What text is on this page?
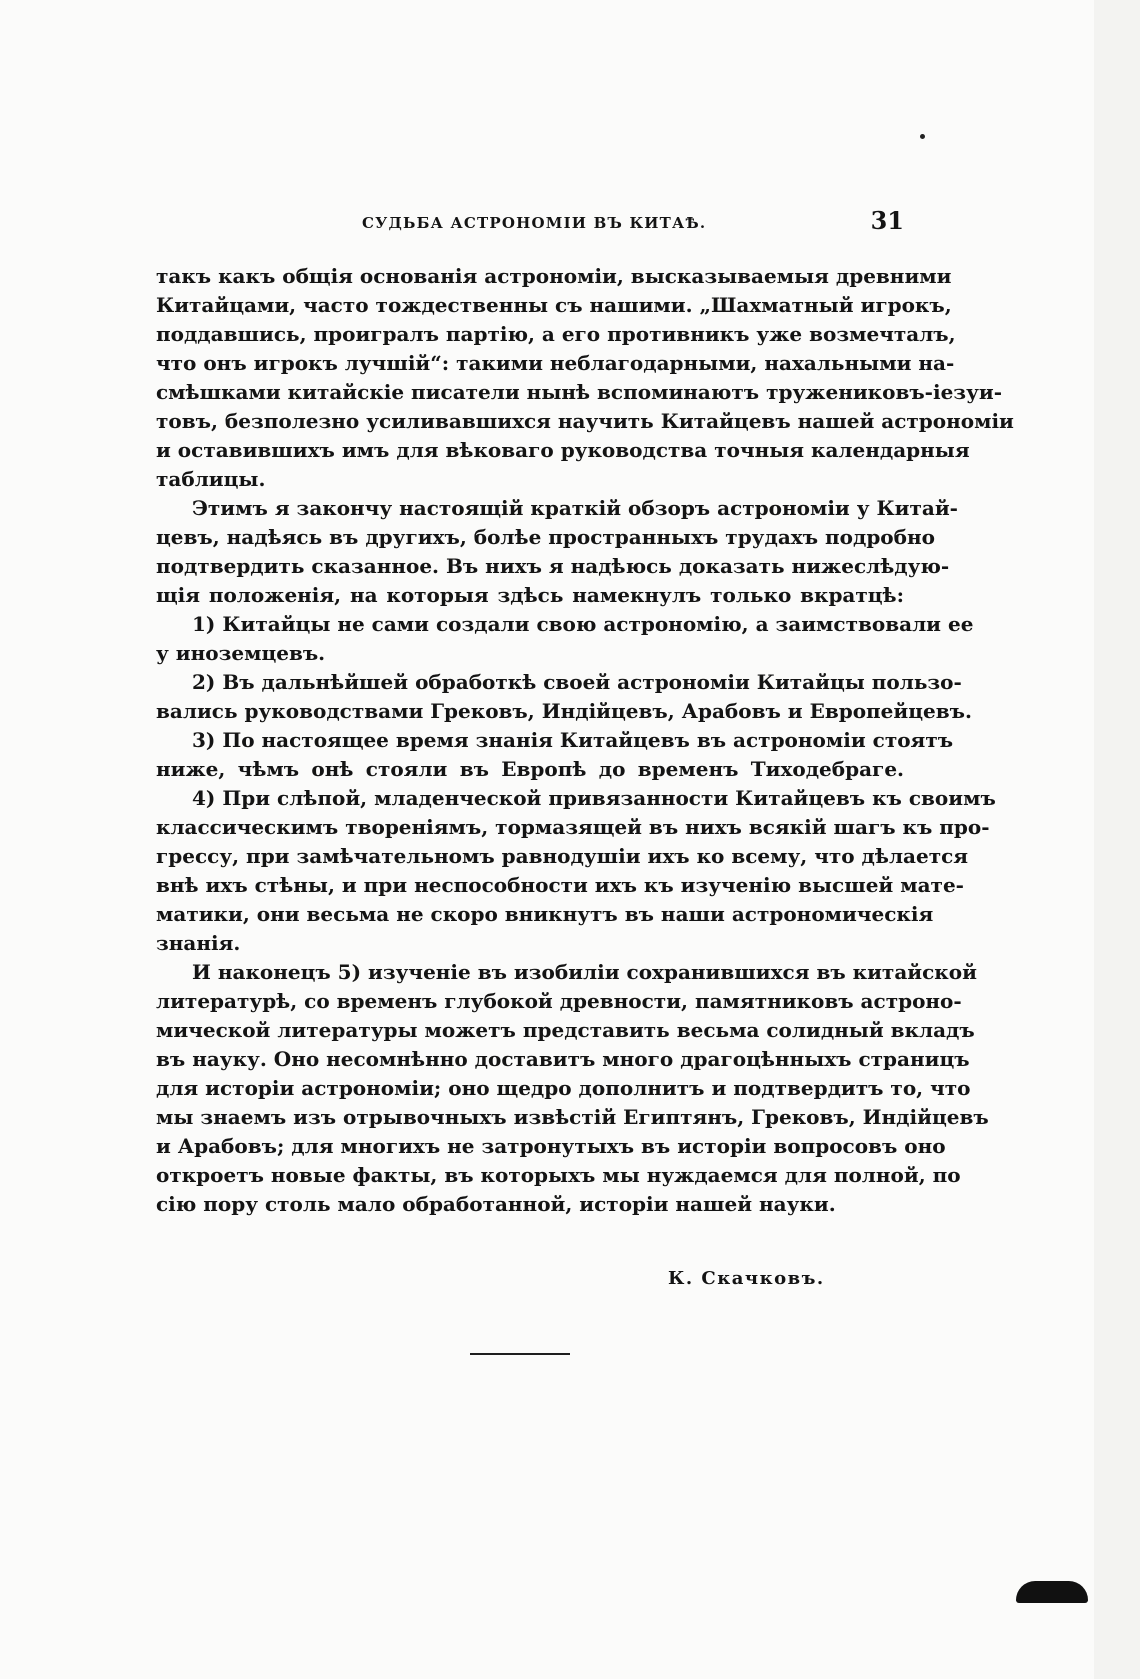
СУДЬБА АСТРОНОМІИ ВЪ КИТАѢ.	31
такъ какъ общія основанія астрономіи, высказываемыя древними
Китайцами, часто тождественны съ нашими. „Шахматный игрокъ,
поддавшись, проигралъ партію, а его противникъ уже возмечталъ,
что онъ игрокъ лучшій“: такими неблагодарными, нахальными на-
смѣшками китайскіе писатели нынѣ вспоминаютъ тружениковъ-іезуи-
товъ, безполезно усиливавшихся научить Китайцевъ нашей астрономіи
и оставившихъ имъ для вѣковаго руководства точныя календарныя
таблицы.
Этимъ я закончу настоящій краткій обзоръ астрономіи у Китай-
цевъ, надѣясь въ другихъ, болѣе пространныхъ трудахъ подробно
подтвердить сказанное. Въ нихъ я надѣюсь доказать нижеслѣдую-
щія положенія, на которыя здѣсь намекнулъ только вкратцѣ:
1) Китайцы не сами создали свою астрономію, а заимствовали ее
у иноземцевъ.
2) Въ дальнѣйшей обработкѣ своей астрономіи Китайцы пользо-
вались руководствами Грековъ, Индійцевъ, Арабовъ и Европейцевъ.
3) По настоящее время знанія Китайцевъ въ астрономіи стоятъ
ниже, чѣмъ онѣ стояли въ Европѣ до временъ Тиходебраге.
4) При слѣпой, младенческой привязанности Китайцевъ къ своимъ
классическимъ твореніямъ, тормазящей въ нихъ всякій шагъ къ про-
грессу, при замѣчательномъ равнодушіи ихъ ко всему, что дѣлается
внѣ ихъ стѣны, и при неспособности ихъ къ изученію высшей мате-
матики, они весьма не скоро вникнутъ въ наши астрономическія
знанія.
И наконецъ 5) изученіе въ изобиліи сохранившихся въ китайской
литературѣ, со временъ глубокой древности, памятниковъ астроно-
мической литературы можетъ представить весьма солидный вкладъ
въ науку. Оно несомнѣнно доставитъ много драгоцѣнныхъ страницъ
для исторіи астрономіи; оно щедро дополнитъ и подтвердитъ то, что
мы знаемъ изъ отрывочныхъ извѣстій Египтянъ, Грековъ, Индійцевъ
и Арабовъ; для многихъ не затронутыхъ въ исторіи вопросовъ оно
откроетъ новые факты, въ которыхъ мы нуждаемся для полной, по
сію пору столь мало обработанной, исторіи нашей науки.
К. Скачковъ.
